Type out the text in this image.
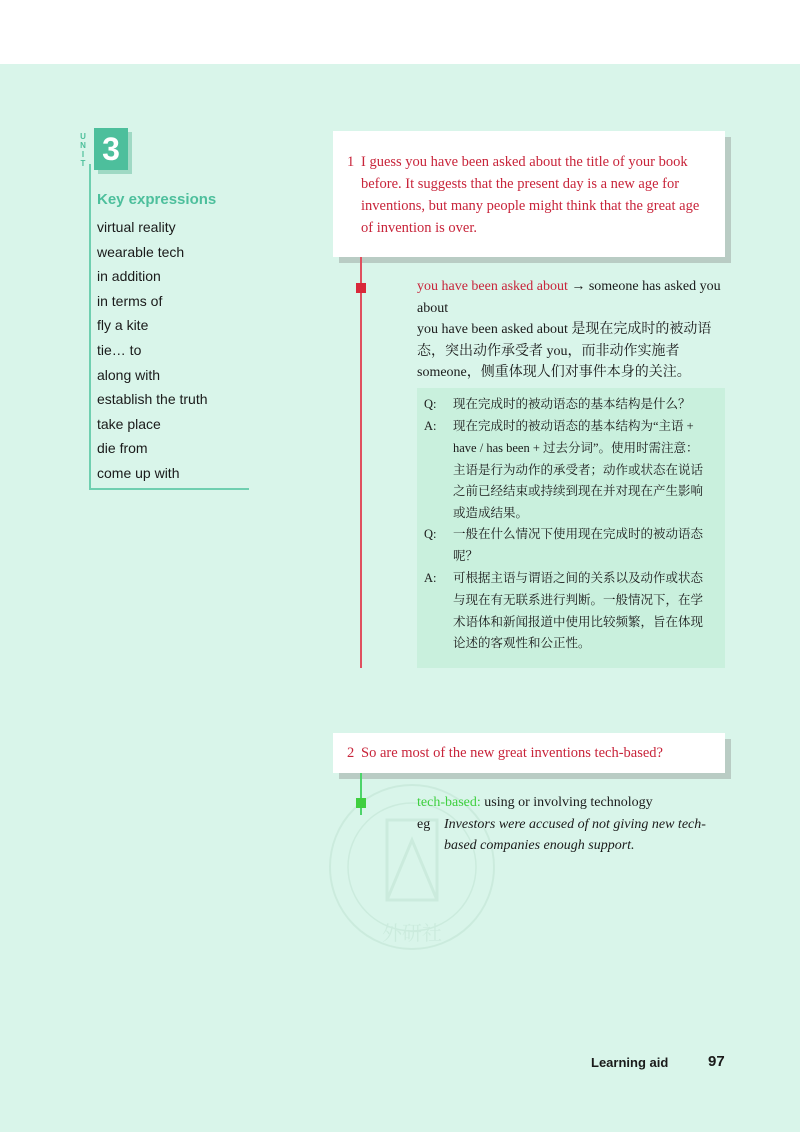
U
N
I
T 3
Key expressions
virtual reality
wearable tech
in addition
in terms of
fly a kite
tie… to
along with
establish the truth
take place
die from
come up with
1 I guess you have been asked about the title of your book before. It suggests that the present day is a new age for inventions, but many people might think that the great age of invention is over.
you have been asked about → someone has asked you about
you have been asked about 是现在完成时的被动语态，突出动作承受者 you，而非动作实施者 someone，侧重体现人们对事件本身的关注。
Q:	现在完成时的被动语态的基本结构是什么？
A:	现在完成时的被动语态的基本结构为“主语 + have / has been + 过去分词”。使用时需注意：主语是行为动作的承受者；动作或状态在说话之前已经结束或持续到现在并对现在产生影响或造成结果。
Q:	一般在什么情况下使用现在完成时的被动语态呢？
A:	可根据主语与谓语之间的关系以及动作或状态与现在有无联系进行判断。一般情况下，在学术语体和新闻报道中使用比较频繁，旨在体现论述的客观性和公正性。
外研社
2 So are most of the new great inventions tech-based?
tech-based: using or involving technology
eg Investors were accused of not giving new tech-based companies enough support.
Learning aid	97
